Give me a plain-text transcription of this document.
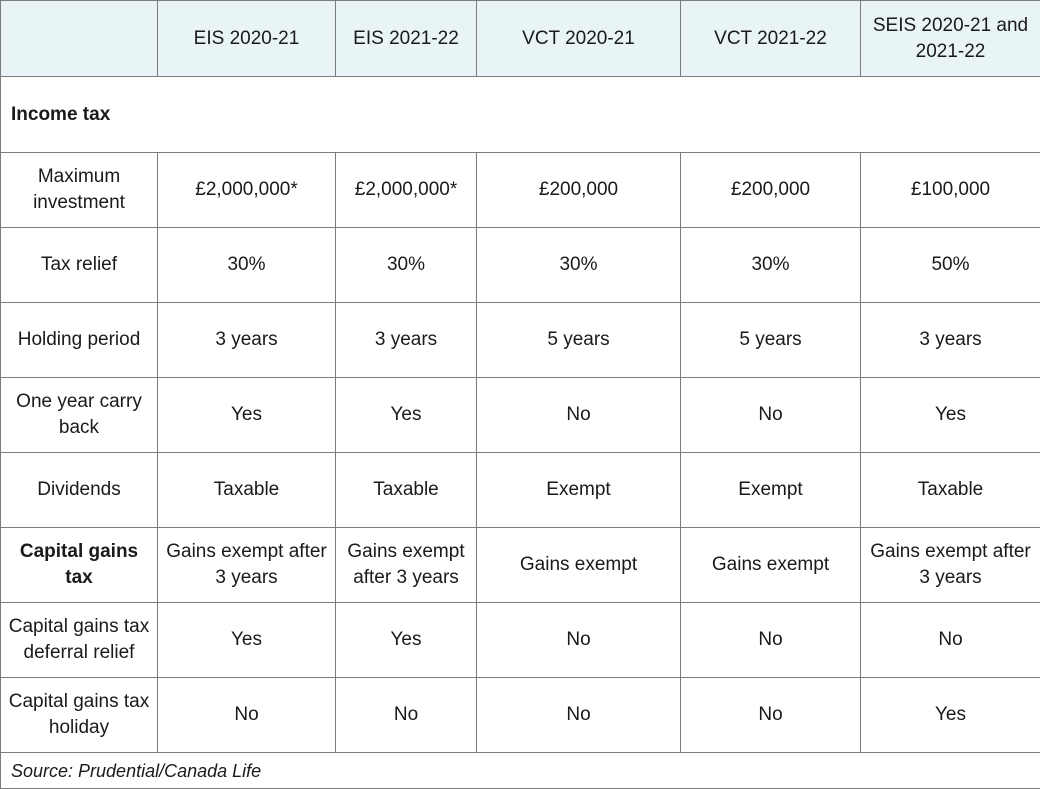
	EIS 2020-21	EIS 2021-22	VCT 2020-21	VCT 2021-22	SEIS 2020-21 and 2021-22
Income tax					
Maximum investment	£2,000,000*	£2,000,000*	£200,000	£200,000	£100,000
Tax relief	30%	30%	30%	30%	50%
Holding period	3 years	3 years	5 years	5 years	3 years
One year carry back	Yes	Yes	No	No	Yes
Dividends	Taxable	Taxable	Exempt	Exempt	Taxable
Capital gains tax	Gains exempt after 3 years	Gains exempt after 3 years	Gains exempt	Gains exempt	Gains exempt after 3 years
Capital gains tax deferral relief	Yes	Yes	No	No	No
Capital gains tax holiday	No	No	No	No	Yes
Source: Prudential/Canada Life					
